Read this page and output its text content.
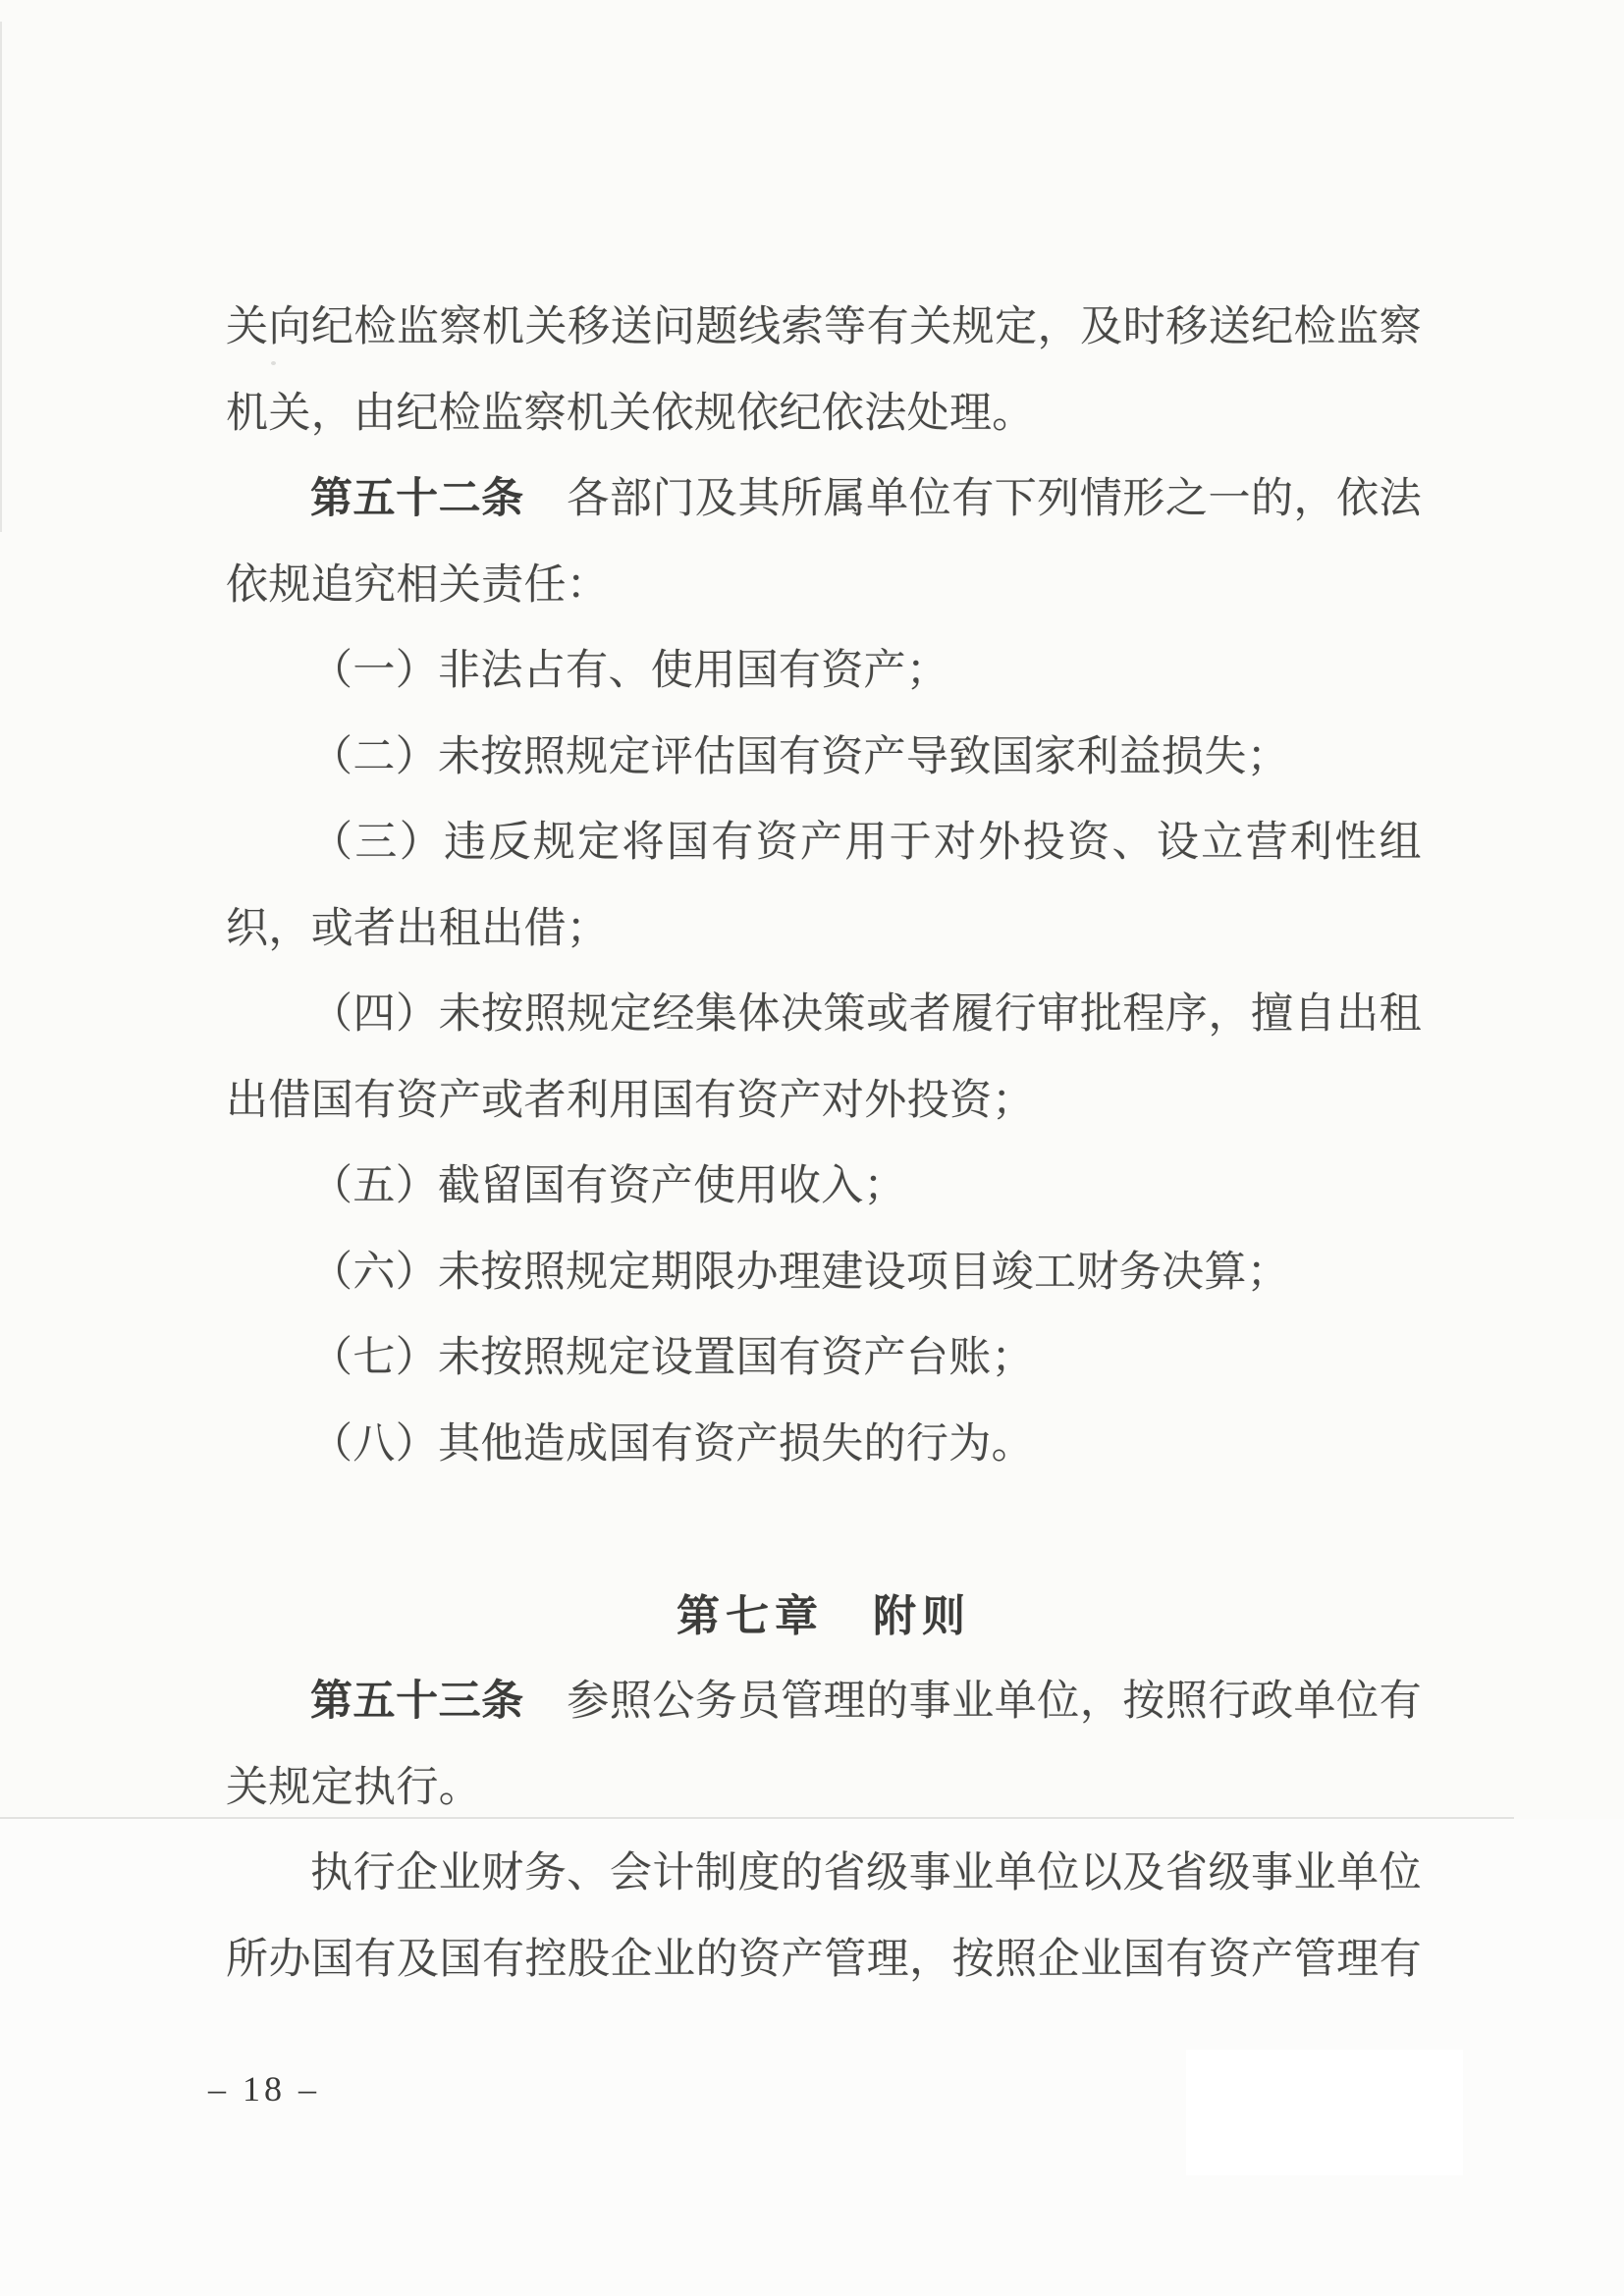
关向纪检监察机关移送问题线索等有关规定，及时移送纪检监察

机关，由纪检监察机关依规依纪依法处理。

第五十二条　各部门及其所属单位有下列情形之一的，依法

依规追究相关责任：

（一）非法占有、使用国有资产；

（二）未按照规定评估国有资产导致国家利益损失；

（三）违反规定将国有资产用于对外投资、设立营利性组

织，或者出租出借；

（四）未按照规定经集体决策或者履行审批程序，擅自出租

出借国有资产或者利用国有资产对外投资；

（五）截留国有资产使用收入；

（六）未按照规定期限办理建设项目竣工财务决算；

（七）未按照规定设置国有资产台账；

（八）其他造成国有资产损失的行为。

第七章　附则

第五十三条　参照公务员管理的事业单位，按照行政单位有

关规定执行。

执行企业财务、会计制度的省级事业单位以及省级事业单位

所办国有及国有控股企业的资产管理，按照企业国有资产管理有

– 18 –
